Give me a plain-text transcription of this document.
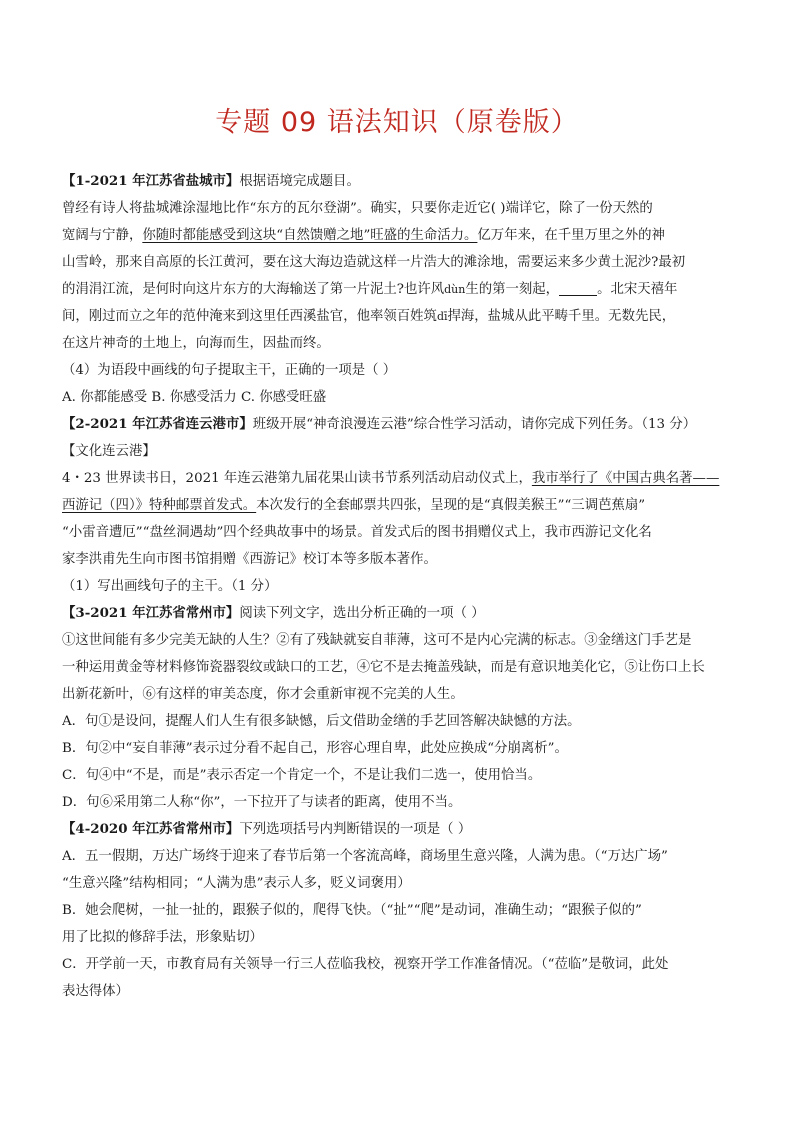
专题 09 语法知识（原卷版）
【1-2021 年江苏省盐城市】根据语境完成题目。
曾经有诗人将盐城滩涂湿地比作“东方的瓦尔登湖”。确实，只要你走近它( )端详它，除了一份天然的
宽阔与宁静，你随时都能感受到这块“自然馈赠之地”旺盛的生命活力。亿万年来，在千里万里之外的神
山雪岭，那来自高原的长江黄河，要在这大海边造就这样一片浩大的滩涂地，需要运来多少黄土泥沙?最初
的涓涓江流，是何时向这片东方的大海输送了第一片泥土?也许风dùn生的第一刻起，	。北宋天禧年
间，刚过而立之年的范仲淹来到这里任西溪盐官，他率领百姓筑dī捍海，盐城从此平畴千里。无数先民，
在这片神奇的土地上，向海而生，因盐而终。
（4）为语段中画线的句子提取主干，正确的一项是（ ）
A. 你都能感受 B. 你感受活力 C. 你感受旺盛
【2-2021 年江苏省连云港市】班级开展“神奇浪漫连云港”综合性学习活动，请你完成下列任务。（13 分）
【文化连云港】
4・23 世界读书日，2021 年连云港第九届花果山读书节系列活动启动仪式上，我市举行了《中国古典名著——
西游记（四）》特种邮票首发式。本次发行的全套邮票共四张，呈现的是“真假美猴王”“三调芭蕉扇”
“小雷音遭厄”“盘丝洞遇劫”四个经典故事中的场景。首发式后的图书捐赠仪式上，我市西游记文化名
家李洪甫先生向市图书馆捐赠《西游记》校订本等多版本著作。
（1）写出画线句子的主干。（1 分）
【3-2021 年江苏省常州市】阅读下列文字，选出分析正确的一项（ ）
①这世间能有多少完美无缺的人生？②有了残缺就妄自菲薄，这可不是内心完满的标志。③金缮这门手艺是
一种运用黄金等材料修饰瓷器裂纹或缺口的工艺，④它不是去掩盖残缺，而是有意识地美化它，⑤让伤口上长
出新花新叶，⑥有这样的审美态度，你才会重新审视不完美的人生。
A．句①是设问，提醒人们人生有很多缺憾，后文借助金缮的手艺回答解决缺憾的方法。
B．句②中“妄自菲薄”表示过分看不起自己，形容心理自卑，此处应换成“分崩离析”。
C．句④中“不是，而是”表示否定一个肯定一个，不是让我们二选一，使用恰当。
D．句⑥采用第二人称“你”，一下拉开了与读者的距离，使用不当。
【4-2020 年江苏省常州市】下列选项括号内判断错误的一项是（ ）
A．五一假期，万达广场终于迎来了春节后第一个客流高峰，商场里生意兴隆，人满为患。（“万达广场”
“生意兴隆”结构相同；“人满为患”表示人多，贬义词褒用）
B．她会爬树，一扯一扯的，跟猴子似的，爬得飞快。（“扯”“爬”是动词，准确生动；“跟猴子似的”
用了比拟的修辞手法，形象贴切）
C．开学前一天，市教育局有关领导一行三人莅临我校，视察开学工作准备情况。（“莅临”是敬词，此处
表达得体）
